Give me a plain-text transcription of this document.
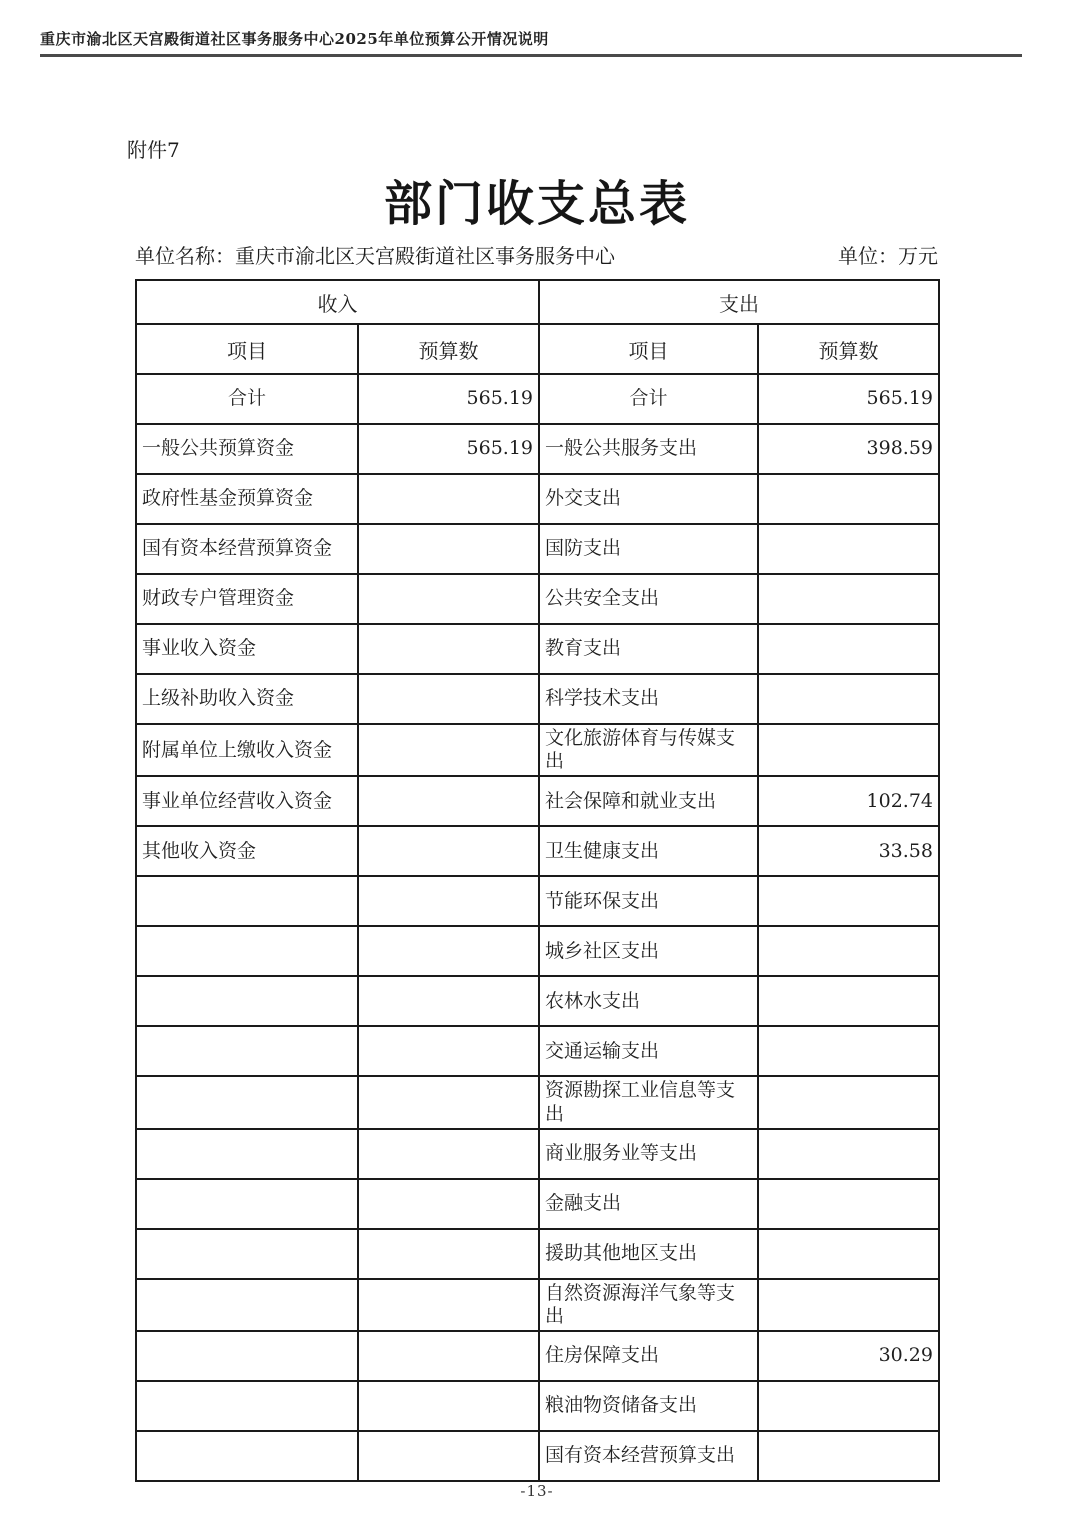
重庆市渝北区天宫殿街道社区事务服务中心2025年单位预算公开情况说明
附件7
部门收支总表
单位名称：重庆市渝北区天宫殿街道社区事务服务中心	单位：万元
收入		支出	
项目	预算数	项目	预算数
合计	565.19	合计	565.19
一般公共预算资金	565.19	一般公共服务支出	398.59
政府性基金预算资金		外交支出	
国有资本经营预算资金		国防支出	
财政专户管理资金		公共安全支出	
事业收入资金		教育支出	
上级补助收入资金		科学技术支出	
附属单位上缴收入资金		文化旅游体育与传媒支出	
事业单位经营收入资金		社会保障和就业支出	102.74
其他收入资金		卫生健康支出	33.58
		节能环保支出	
		城乡社区支出	
		农林水支出	
		交通运输支出	
		资源勘探工业信息等支出	
		商业服务业等支出	
		金融支出	
		援助其他地区支出	
		自然资源海洋气象等支出	
		住房保障支出	30.29
		粮油物资储备支出	
		国有资本经营预算支出	
-13-
